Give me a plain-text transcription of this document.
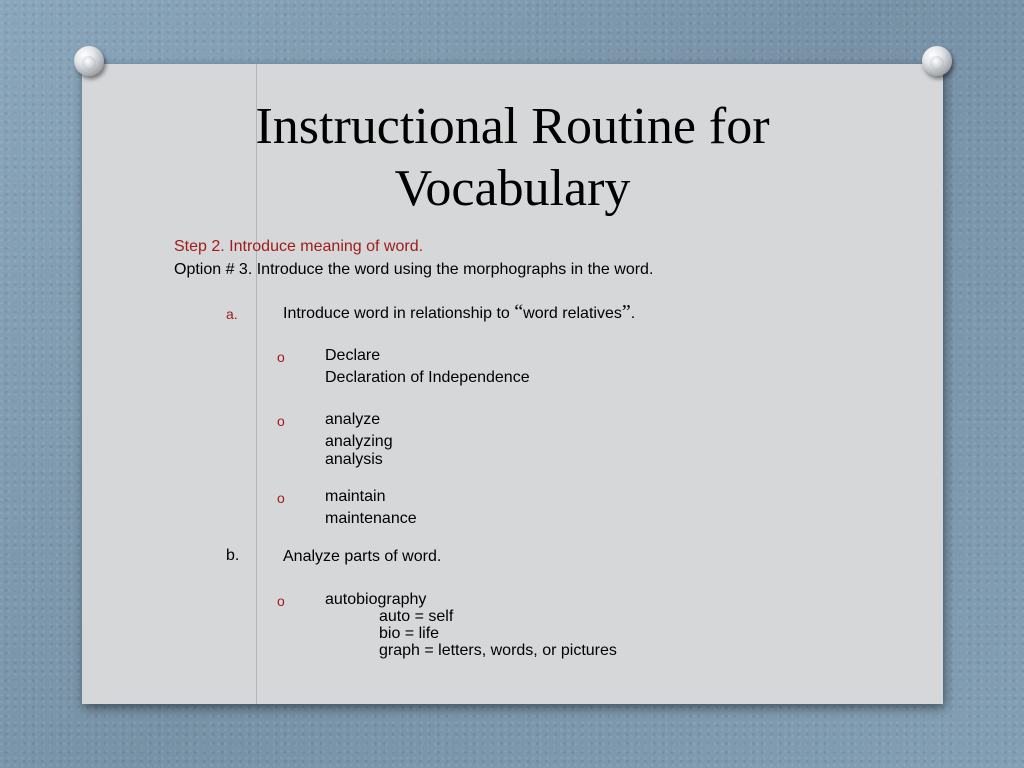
Instructional Routine for
Vocabulary
Step 2. Introduce meaning of word.
Option # 3. Introduce the word using the morphographs in the word.
a.	Introduce word in relationship to “word relatives”.
o	Declare
Declaration of Independence
o	analyze
analyzing
analysis
o	maintain
maintenance
b.	Analyze parts of word.
o	autobiography
auto = self
bio = life
graph = letters, words, or pictures
